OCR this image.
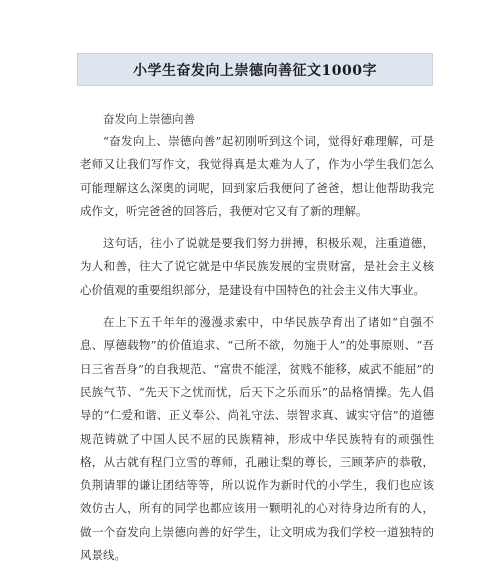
小学生奋发向上崇德向善征文1000字
奋发向上崇德向善

“奋发向上、崇德向善”起初刚听到这个词，觉得好难理解，可是老师又让我们写作文，我觉得真是太难为人了，作为小学生我们怎么可能理解这么深奥的词呢，回到家后我便问了爸爸，想让他帮助我完成作文，听完爸爸的回答后，我便对它又有了新的理解。

这句话，往小了说就是要我们努力拼搏，积极乐观，注重道德，为人和善，往大了说它就是中华民族发展的宝贵财富，是社会主义核心价值观的重要组织部分，是建设有中国特色的社会主义伟大事业。

在上下五千年年的漫漫求索中，中华民族孕育出了诸如“自强不息、厚德载物”的价值追求、“己所不欲，勿施于人”的处事原则、“吾日三省吾身”的自我规范、“富贵不能淫，贫贱不能移，威武不能屈”的民族气节、“先天下之忧而忧，后天下之乐而乐”的品格情操。先人倡导的“仁爱和谐、正义奉公、尚礼守法、崇智求真、诚实守信”的道德规范铸就了中国人民不屈的民族精神，形成中华民族特有的顽强性格，从古就有程门立雪的尊师，孔融让梨的尊长，三顾茅庐的恭敬，负荆请罪的谦让团结等等，所以说作为新时代的小学生，我们也应该效仿古人，所有的同学也都应该用一颗明礼的心对待身边所有的人，做一个奋发向上崇德向善的好学生，让文明成为我们学校一道独特的风景线。
